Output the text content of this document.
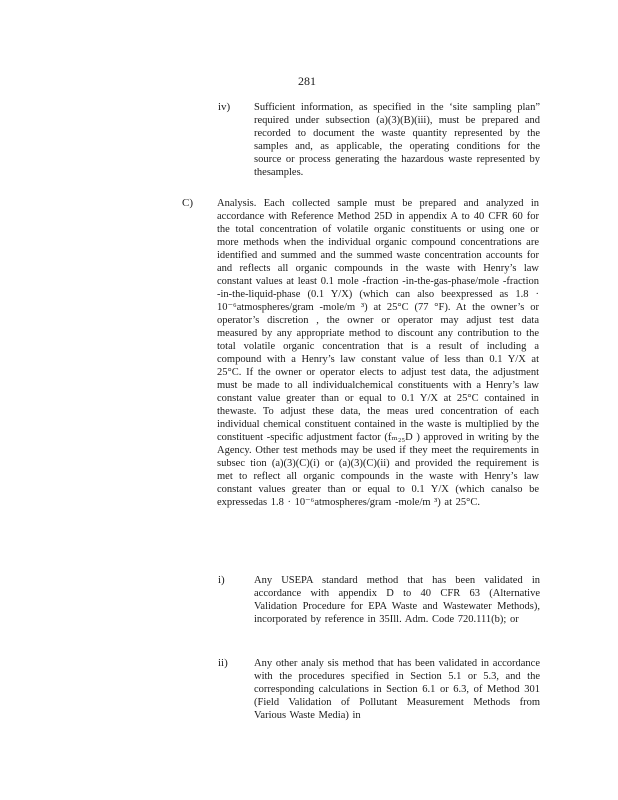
281
iv) Sufficient information, as specified in the ‘site sampling plan” required under subsection (a)(3)(B)(iii), must be prepared and recorded to document the waste quantity represented by the samples and, as applicable, the operating conditions for the source or process generating the hazardous waste represented by thesamples.
C) Analysis. Each collected sample must be prepared and analyzed in accordance with Reference Method 25D in appendix A to 40 CFR 60 for the total concentration of volatile organic constituents or using one or more methods when the individual organic compound concentrations are identified and summed and the summed waste concentration accounts for and reflects all organic compounds in the waste with Henry’s law constant values at least 0.1 mole -fraction -in-the-gas-phase/mole -fraction -in-the-liquid-phase (0.1 Y/X) (which can also beexpressed as 1.8 · 10⁻⁶atmospheres/gram -mole/m ³) at 25°C (77 °F). At the owner’s or operator’s discretion , the owner or operator may adjust test data measured by any appropriate method to discount any contribution to the total volatile organic concentration that is a result of including a compound with a Henry’s law constant value of less than 0.1 Y/X at 25°C. If the owner or operator elects to adjust test data, the adjustment must be made to all individualchemical constituents with a Henry’s law constant value greater than or equal to 0.1 Y/X at 25°C contained in thewaste. To adjust these data, the meas ured concentration of each individual chemical constituent contained in the waste is multiplied by the constituent -specific adjustment factor (fₘ₂₅D ) approved in writing by the Agency. Other test methods may be used if they meet the requirements in subsec tion (a)(3)(C)(i) or (a)(3)(C)(ii) and provided the requirement is met to reflect all organic compounds in the waste with Henry’s law constant values greater than or equal to 0.1 Y/X (which canalso be expressedas 1.8 · 10⁻⁶atmospheres/gram -mole/m ³) at 25°C.
i)	Any USEPA standard method that has been validated in accordance with appendix D to 40 CFR 63 (Alternative Validation Procedure for EPA Waste and Wastewater Methods), incorporated by reference in 35Ill. Adm. Code 720.111(b); or
ii) Any other analy sis method that has been validated in accordance with the procedures specified in Section 5.1 or 5.3, and the corresponding calculations in Section 6.1 or 6.3, of Method 301 (Field Validation of Pollutant Measurement Methods from Various Waste Media) in
